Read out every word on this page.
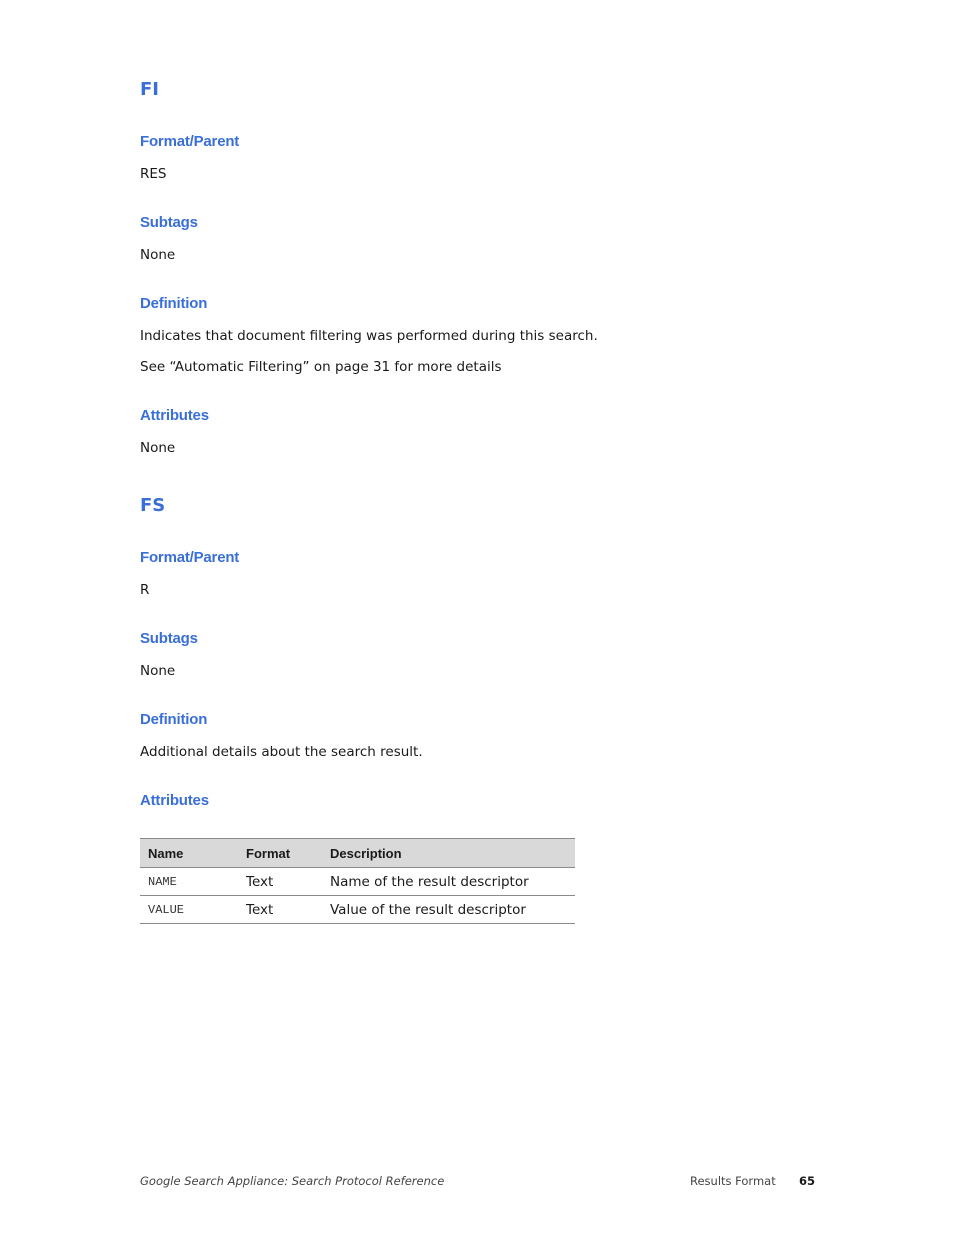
FI
Format/Parent

RES

Subtags

None

Definition

Indicates that document filtering was performed during this search.

See “Automatic Filtering” on page 31 for more details

Attributes

None

FS
Format/Parent

R

Subtags

None

Definition

Additional details about the search result.

Attributes
Name	Format	Description
NAME	Text	Name of the result descriptor
VALUE	Text	Value of the result descriptor
Google Search Appliance: Search Protocol Reference	Results Format 65
